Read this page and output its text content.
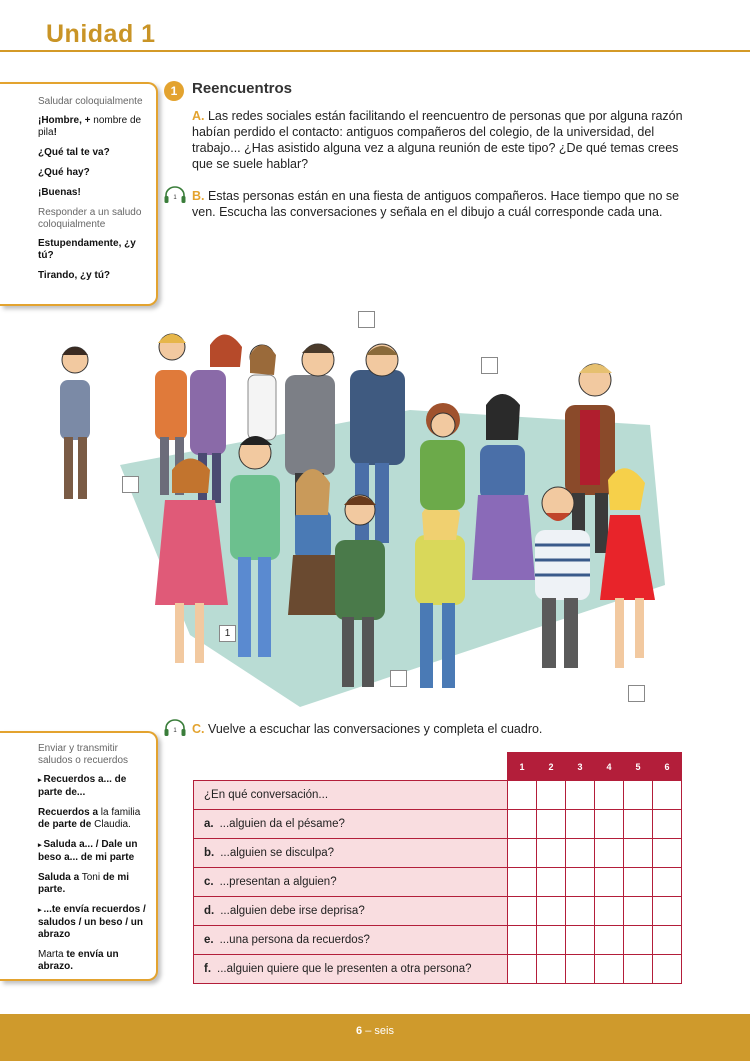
Unidad 1
Saludar coloquialmente
¡Hombre, + nombre de pila!
¿Qué tal te va?
¿Qué hay?
¡Buenas!
Responder a un saludo coloquialmente
Estupendamente, ¿y tú?
Tirando, ¿y tú?
1 Reencuentros
A. Las redes sociales están facilitando el reencuentro de personas que por alguna razón habían perdido el contacto: antiguos compañeros del colegio, de la universidad, del trabajo... ¿Has asistido alguna vez a alguna reunión de este tipo? ¿De qué temas crees que se suele hablar?
1 B. Estas personas están en una fiesta de antiguos compañeros. Hace tiempo que no se ven. Escucha las conversaciones y señala en el dibujo a cuál corresponde cada una.
1
1 C. Vuelve a escuchar las conversaciones y completa el cuadro.
Enviar y transmitir saludos o recuerdos
▸ Recuerdos a... de parte de...
Recuerdos a la familia de parte de Claudia.
▸ Saluda a... / Dale un beso a... de mi parte
Saluda a Toni de mi parte.
▸ ...te envía recuerdos / saludos / un beso / un abrazo
Marta te envía un abrazo.
	1	2	3	4	5	6
¿En qué conversación...						
a. ...alguien da el pésame?						
b. ...alguien se disculpa?						
c. ...presentan a alguien?						
d. ...alguien debe irse deprisa?						
e. ...una persona da recuerdos?						
f. ...alguien quiere que le presenten a otra persona?						
6 – seis
